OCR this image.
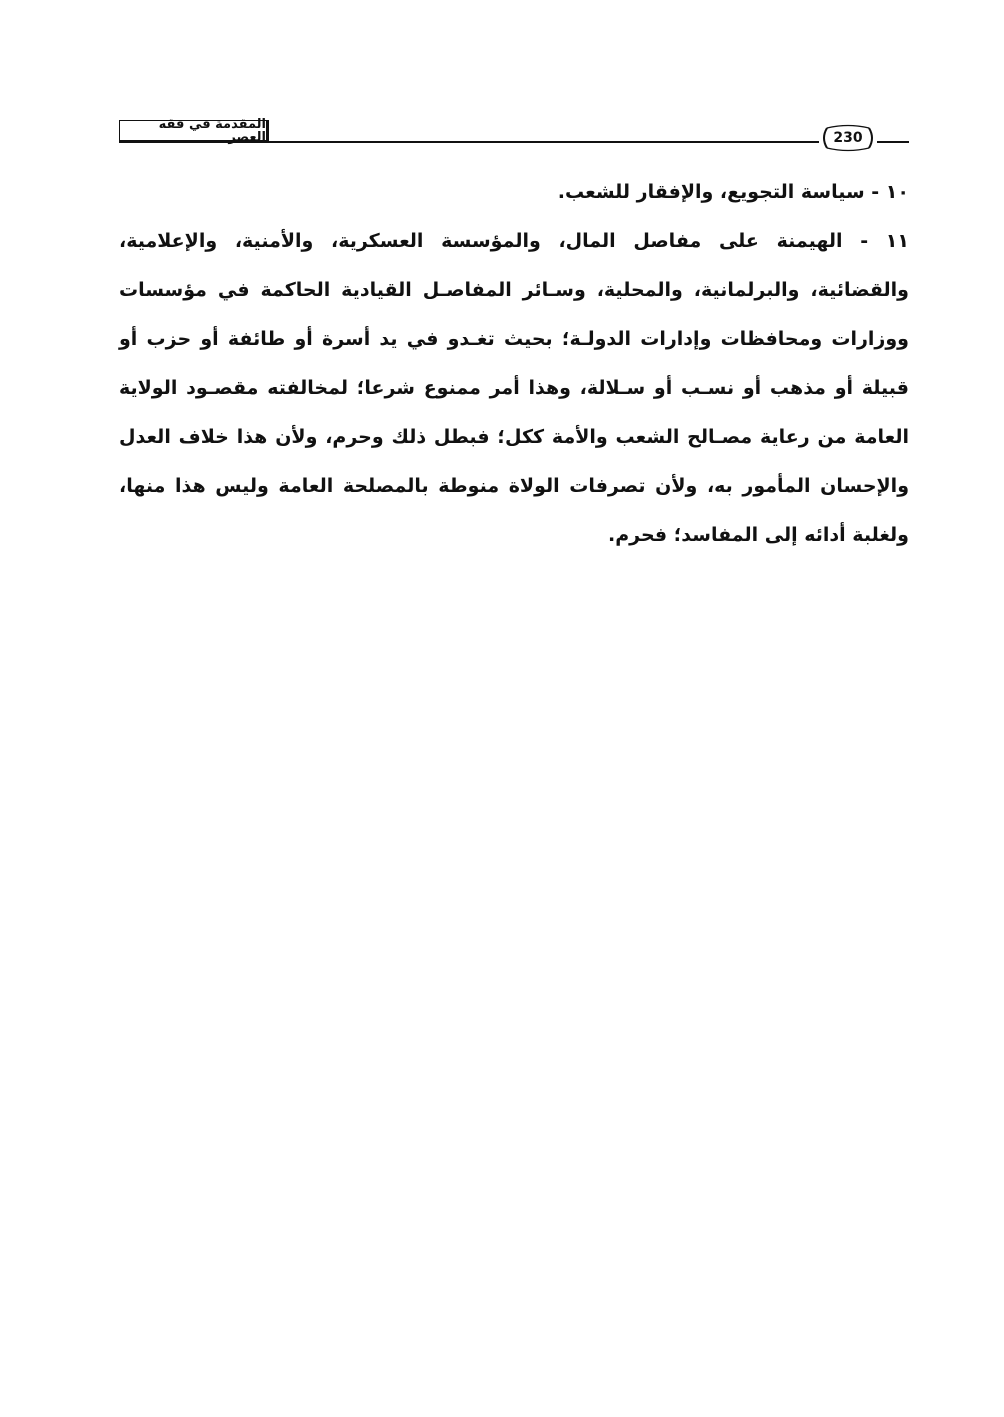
المقدمة في فقه العصر	230

١٠ - سياسة التجويع، والإفقار للشعب.

١١ - الهيمنة على مفاصل المال، والمؤسسة العسكرية، والأمنية، والإعلامية، والقضائية، والبرلمانية، والمحلية، وسـائر المفاصـل القيادية الحاكمة في مؤسسات ووزارات ومحافظات وإدارات الدولـة؛ بحيث تغـدو في يد أسرة أو طائفة أو حزب أو قبيلة أو مذهب أو نسـب أو سـلالة، وهذا أمر ممنوع شرعا؛ لمخالفته مقصـود الولاية العامة من رعاية مصـالح الشعب والأمة ككل؛ فبطل ذلك وحرم، ولأن هذا خلاف العدل والإحسان المأمور به، ولأن تصرفات الولاة منوطة بالمصلحة العامة وليس هذا منها، ولغلبة أدائه إلى المفاسد؛ فحرم.
